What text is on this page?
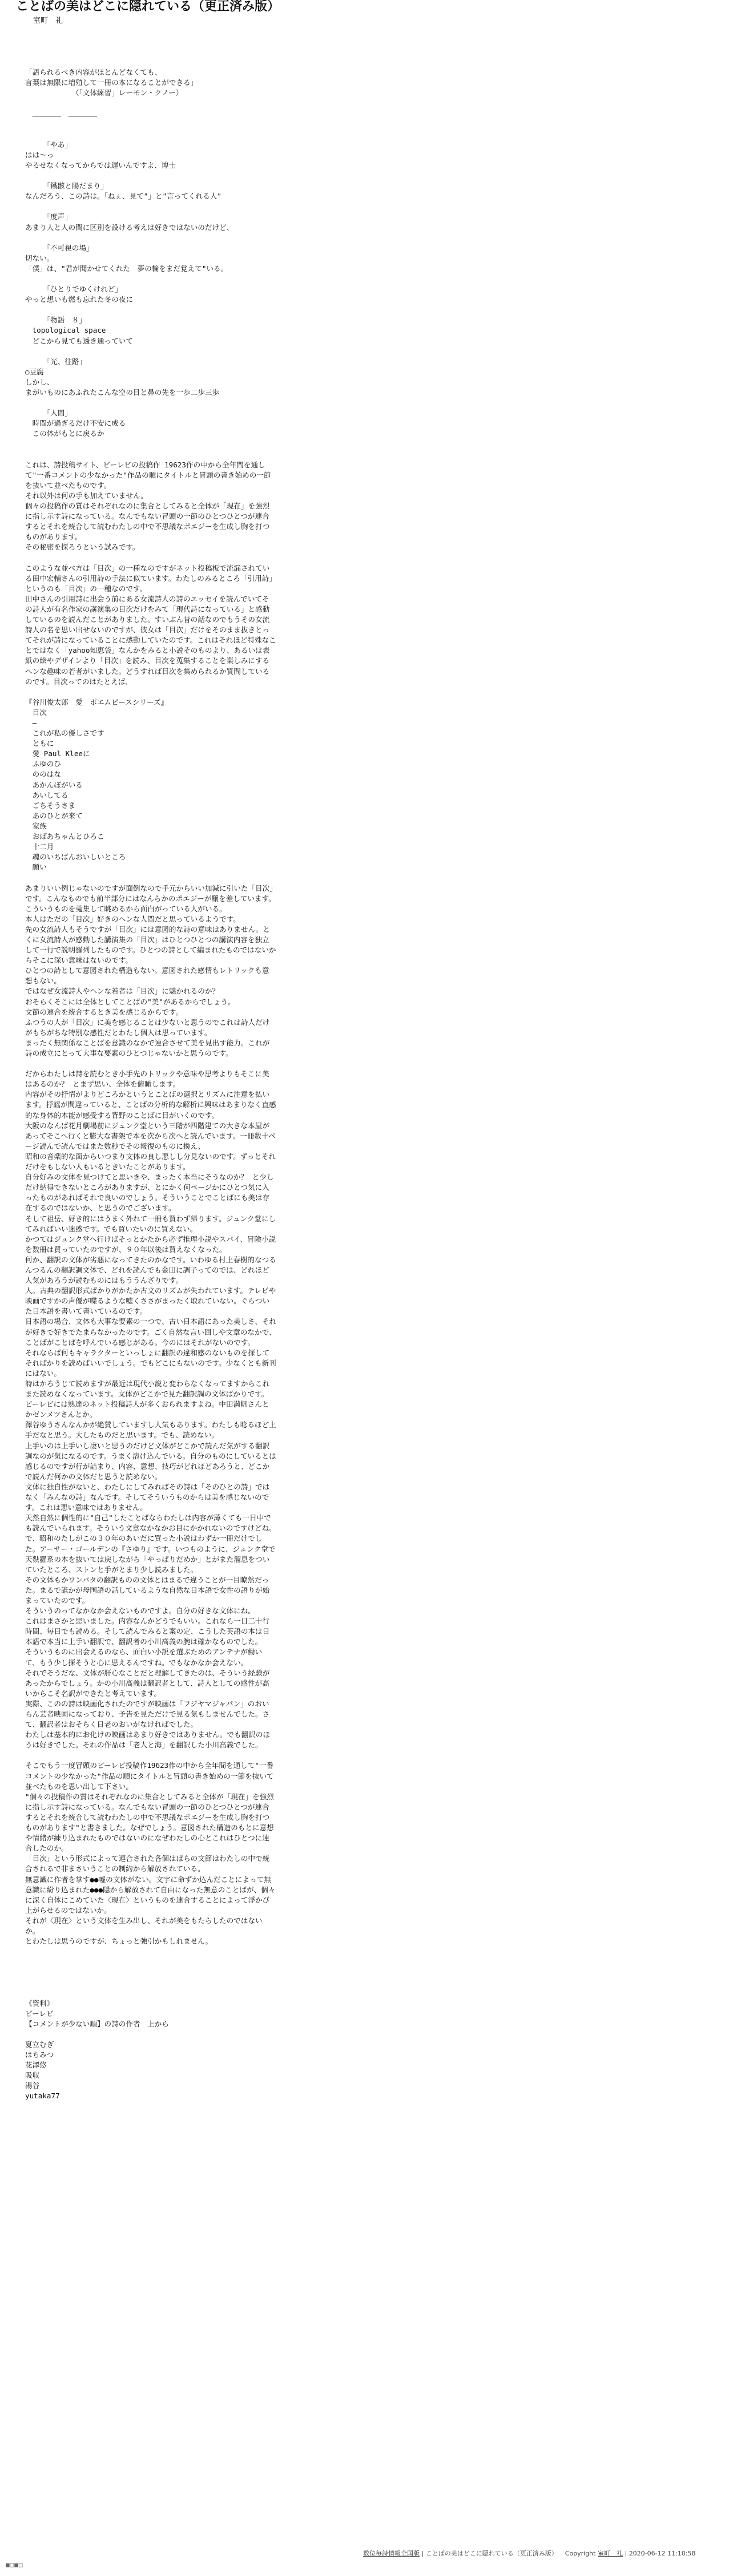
ことばの美はどこに隠れている（更正済み版）
室町　礼
「語られるべき内容がほとんどなくても、
言葉は無限に増殖して一冊の本になることができる」
　　　　　　　（「文体練習」レーモン・クノー）
　＿＿＿＿　＿＿＿＿
　　　「やあ」
はは〜っ
やるせなくなってからでは遅いんですよ、博士
　　　「鐵骸と陽だまり」
なんだろう、この詩は。「ねぇ、見て"」と"言ってくれる人"
　　　「度声」
あまり人と人の間に区別を設ける考えは好きではないのだけど、
　　　「不可視の場」
切ない。
「僕」は、"君が聞かせてくれた　夢の輪をまだ覚えて"いる。
　　　「ひとりでゆくけれど」
やっと想いも燃も忘れた冬の夜に
　　　「物語　８」
　topological space
　どこから見ても透き通っていて
　　　「光、往路」
○豆腐
しかし、
まがいものにあふれたこんな空の目と鼻の先を一歩二歩三歩
　　　「人間」
　時間が過ぎるだけ不安に成る
　この体がもとに戻るか
これは、詩投稿サイト、ビーレビの投稿作 19623作の中から全年間を通して"一番コメントの少なかった"作品の順にタイトルと冒頭の書き始めの一節を抜いて並べたものです。
それ以外は何の手も加えていません。
個々の投稿作の質はそれぞれなのに集合としてみると全体が「現在」を強烈に指し示す詩になっている。なんでもない冒頭の一節のひとつひとつが連合するとそれを統合して読むわたしの中で不思議なポエジーを生成し胸を打つものがあります。
その秘密を探ろうという試みです。
このような並べ方は「目次」の一種なのですがネット投稿板で流漏されている田中宏輔さんの引用詩の手法に似ています。わたしのみるところ「引用詩」というのも「目次」の一種なのです。
田中さんの引用詩に出会う前にある女流詩人の詩のエッセイを読んでいてその詩人が有名作家の講演集の目次だけをみて「現代詩になっている」と感動しているのを読んだことがありました。すいぶん昔の話なのでもうその女流詩人の名を思い出せないのですが、彼女は「目次」だけをそのまま抜きとってそれが詩になっていることに感動していたのです。これはそれほど特殊なことではなく「yahoo知恵袋」なんかをみると小説そのものより、あるいは表紙の絵やデザインより「目次」を読み、目次を蒐集することを楽しみにするヘンな趣味の若者がいました。どうすれば目次を集められるか質問しているのです。目次ってのはたとえば、
『谷川俊太郎　愛　ポエムピースシリーズ』
　目次
　—
　これが私の優しさです
　ともに
　愛 Paul Kleeに
　ふゆのひ
　ののはな
　あかんぼがいる
　あいしてる
　ごちそうさま
　あのひとが来て
　家族
　おばあちゃんとひろこ
　十二月
　魂のいちばんおいしいところ
　願い
あまりいい例じゃないのですが面倒なので手元からいい加減に引いた「目次」です。こんなものでも前半部分にはなんらかのポエジーが醸を差しています。
こういうものを蒐集して眺めるから面白がっている人がいる。
本人はただの「目次」好きのヘンな人間だと思っているようです。
先の女流詩人もそうですが「目次」には意図的な詩の意味はありません。とくに女流詩人が感動した講演集の「目次」はひとつひとつの講演内容を独立して一行で説明羅列したものです。ひとつの詩として編まれたものではないからそこに深い意味はないのです。
ひとつの詩として意図された構造もない。意図された感情もレトリックも意想もない。
ではなぜ女流詩人やヘンな若者は「目次」に魅かれるのか？
おそらくそこには全体としてことばの"美"があるからでしょう。
文節の連合を統合するとき美を感じるからです。
ふつうの人が「目次」に美を感じることは少ないと思うのでこれは詩人だけがもちがちな特別な感性だとわたし個人は思っています。
まったく無関係なことばを意識のなかで連合させて美を見出す能力。これが詩の成立にとって大事な要素のひとつじゃないかと思うのです。
だからわたしは詩を読むとき小手先のトリックや意味や思考よりもそこに美はあるのか？ とまず思い、全体を俯瞰します。
内容がその抒情がよりどころかというとことばの選択とリズムに注意を払います。抒謡が間違っていると、ことばの分析的な解析に興味はあまりなく直感的な身体的本能が感受する背野のことばに目がいくのです。
大阪のなんば花月劇場前にジュンク堂という三階が四階建ての大きな本屋があってそこへ行くと膨大な書架で本を次から次へと読んでいます。一冊数十ページ読んで読んではまた数秒でその報復のものに換え、
昭和の音楽的な面からいつまり文体の良し悪しし分見ないのです。ずっとそれだけをもしない人もいるときいたことがあります。
自分好みの文体を見つけてと思いきや、まったく本当にそうなのか？ と少しだけ納得できないところがありますが、とにかく何ページかにひとつ気に入ったものがあればそれで良いのでしょう。そういうことでことばにも美は存在するのではないか、と思うのでございます。
そして祖岳、好き的にはうまく外れて一冊も買わず帰ります。ジュンク堂にしてみればいい迷惑です。でも買いたいのに買えない。
かつてはジュンク堂へ行けばそっとかたから必ず推理小説やスパイ、冒険小説を数冊は買っていたのですが、９０年以後は買えなくなった。
何か、翻訳の文体が劣悪になってきたのかなです。いわゆる村上春樹的なつるんつるんの翻訳調文体で、どれを読んでも金田に調子ってのでは、どれほど人気があろうが読むものにはもううんざりです。
人。古典の翻訳形式ばかりがかたか古文のリズムが失われています。テレビや映画ですかの声優が喋るような嘘くささがまったく取れていない。ぐらついた日本語を書いて書いているのです。
日本語の場合、文体も大事な要素の一つで、古い日本語にあった美しさ、それが好きで好きでたまらなかったのです。ごく自然な言い回しや文章のなかで、ことばがことばを呼んでいる感じがある。今のにはそれがないのです。
それならば何もキャラクターといっしょに翻訳の違和感のないものを探してそればかりを読めばいいでしょう。でもどこにもないのです。少なくとも新刊にはない。
詩はかろうじて読めますが最近は現代小説と変わらなくなってますからこれまた読めなくなっています。文体がどこかで見た翻訳調の文体ばかりです。
ビーレビには熟達のネット投稿詩人が多くおられますよね。中田満帆さんとかゼンメツさんとか。
澤谷ゆうさんなんかが絶賛していますし人気もあります。わたしも唸るほど上手だなと思う。大したものだと思います。でも、読めない。
上手いのは上手いし凄いと思うのだけど文体がどこかで読んだ気がする翻訳調なのが気になるのです。うまく溶け込んでいる。自分のものにしているとは感じるのですが行が詰まり、内容、意想、技巧がどれほどあろうと、どこかで読んだ何かの文体だと思うと読めない。
文体に独自性がないと、わたしにしてみればその詩は「そのひとの詩」ではなく「みんなの詩」なんです。そしてそういうものからは美を感じないのです。これは悪い意味ではありません。
天然自然に個性的に"自己"したことばならわたしは内容が薄くても一日中でも読んでいられます。そういう文章なかなかお目にかかれないのですけどね。
で、昭和のたしがこの３０年のあいだに買った小説はわずか一冊だけでした。アーサー・ゴールデンの『さゆり』です。いつものように、ジュンク堂で天麩羅系の本を抜いては戻しながら「やっぱりだめか」とがまた溜息をついていたところ、ストンと手がとまり少し読みました。
その文体もかワンバタの翻訳ものの文体とはまるで違うことが一目瞭然だった。まるで誰かが母国語の話しているような自然な日本語で女性の語りが始まっていたのです。
そういうのってなかなか会えないものですよ。自分の好きな文体にね。
これはまさかと思いました。内容なんかどうでもいい。これなら一日二十行時間、毎日でも読める。そして読んでみると案の定、こうした英語の本は日本語で本当に上手い翻訳で、翻訳者の小川高義の腕は確かなものでした。
そういうものに出会えるのなら、面白い小説を選ぶためのアンテナが働いて、もう少し探そうと心に思えるんですね。でもなかなか会えない。
それでそうだな、文体が肝心なことだと理解してきたのは、そういう経験があったからでしょう。かの小川高義は翻訳者として、詩人としての感性が高いからこそ名訳ができたと考えています。
実際、このの詩は映画化されたのですが映画は「フジヤマジャパン」のおいらん芸者映画になっており、予告を見ただけで見る気もしませんでした。さて、翻訳者はおそらく日老のおいがなければでした。
わたしは基本的にお化けの映画はあまり好きではありません。でも翻訳のほうは好きでした。それの作品は「老人と海」を翻訳した小川高義でした。
そこでもう一度冒頭のビーレビ投稿作19623作の中から全年間を通して"一番コメントの少なかった"作品の順にタイトルと冒頭の書き始めの一節を抜いて並べたものを思い出して下さい。
"個々の投稿作の質はそれぞれなのに集合としてみると全体が「現在」を強烈に指し示す詩になっている。なんでもない冒頭の一節のひとつひとつが連合するとそれを統合して読むわたしの中で不思議なポエジーを生成し胸を打つものがあります"と書きました。なぜでしょう。意図された構造のもとに意想や情緒が練り込まれたものではないのになぜわたしの心とこれはひとつに連合したのか。
「目次」という形式によって連合された各個はばらの文節はわたしの中で統合されるで非まさいうことの制約から解放されている。
無意識に作者を掌す●●嘘の文体がない。文字に命ずか込んだことによって無意識に紛り込まれた●●●隠から解放されて自由になった無意のことばが、個々に深く自体にこめていた〈現在〉というものを連合することによって浮かび上がらせるのではないか。
それが〈現在〉という文体を生み出し、それが美をもたらしたのではないか。
とわたしは思うのですが、ちょっと強引かもしれません。
《資料》
ビーレビ
【コメントが少ない順】の詩の作者　上から
夏立むぎ
はちみつ
花澤悠
吸収
湯谷
yutaka77
数位毎詩情報全国版 | ことばの美はどこに隠れている（更正済み版） Copyright 室町　礼 | 2020-06-12 11:10:58
■□■□
